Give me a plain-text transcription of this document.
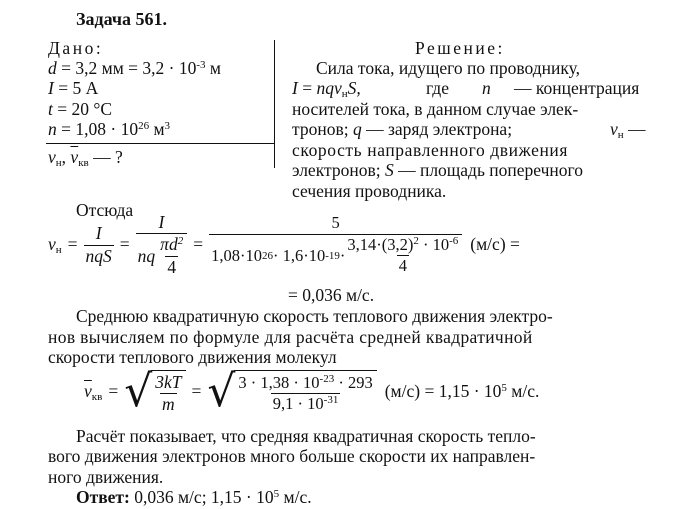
Задача 561.
Дано:
d = 3,2 мм = $3,2 \cdot 10^{-3}$ м
I = 5 А
t = 20 °С
$n = 1,08 \cdot 10^{26}$ $м^3$
$v_н$, $\overline{v}_{кв}$ — ?
Решение:
Сила тока, идущего по проводнику,
I = nqv$_н$S,	где n — концентрация
носителей тока, в данном случае элек-
тронов; q — заряд электрона;	$v_н$ —
скорость направленного движения
электронов; S — площадь поперечного
сечения проводника.
Отсюда
$v_н = \frac{I}{\text{nqS}} = \frac{I}{nq \frac{\pi d^2}{4}} = \frac{5}{1,08\cdot 10 26 \cdot 1,6\cdot 10 -19 \cdot \frac{3,14\cdot(3,2)^2 \cdot 10^{-6}}{4}} (м/с)$ =
= 0,036 м/с.
Среднюю квадратичную скорость теплового движения электро-
нов вычисляем по формуле для расчёта средней квадратичной
скорости теплового движения молекул
$\overline{v}_{кв}$ = √ $\frac{3kT}{m}$ = √ $\frac{3 \cdot 1,38 \cdot 10^{-23} \cdot 293}{9,1 \cdot 10^{-31}} (м/с) = 1,15 \cdot 10^5$ м/с.
Расчёт показывает, что средняя квадратичная скорость тепло-
вого движения электронов много больше скорости их направлен-
ного движения.
Ответ: 0,036 м/с; $1,15 \cdot 10^5$ м/с.
